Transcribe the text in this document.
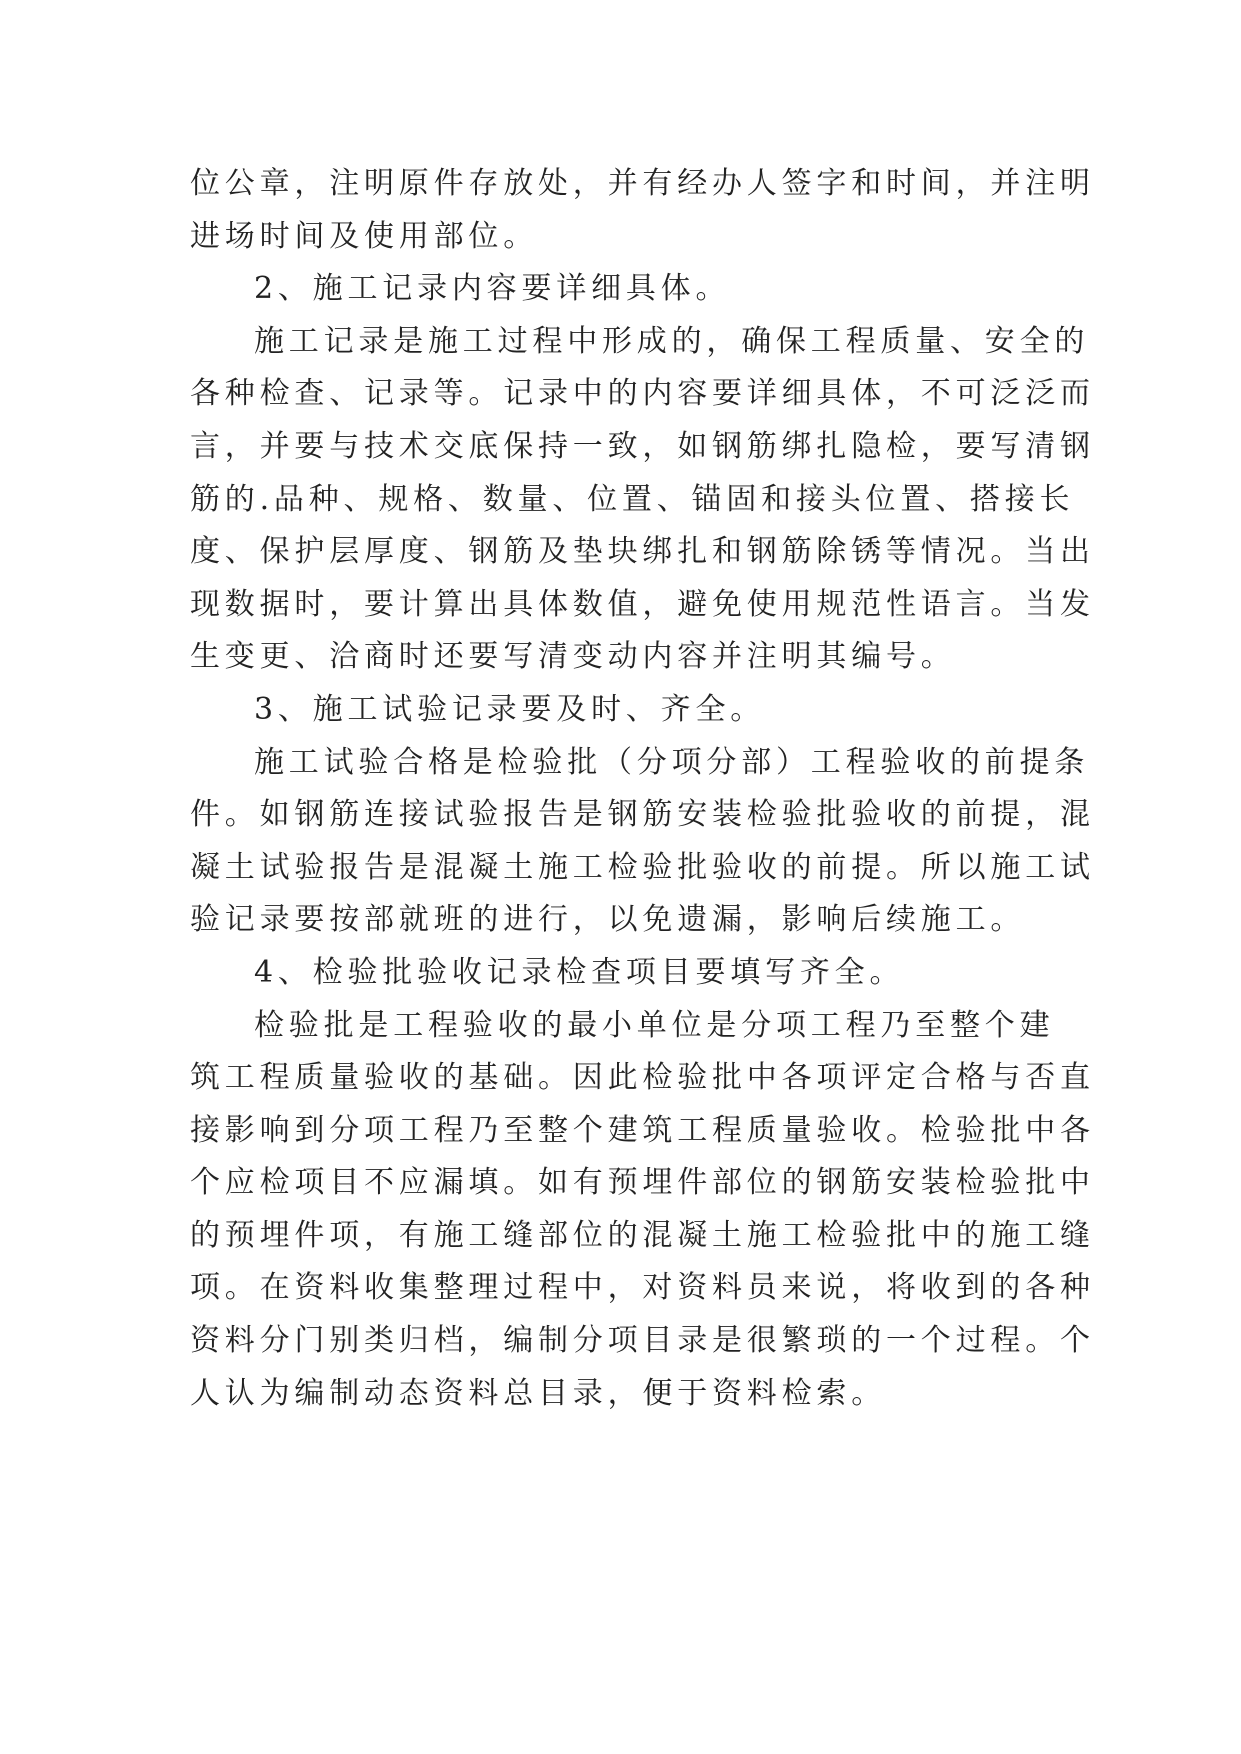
位公章，注明原件存放处，并有经办人签字和时间，并注明
进场时间及使用部位。
2、施工记录内容要详细具体。
施工记录是施工过程中形成的，确保工程质量、安全的
各种检查、记录等。记录中的内容要详细具体，不可泛泛而
言，并要与技术交底保持一致，如钢筋绑扎隐检，要写清钢
筋的.品种、规格、数量、位置、锚固和接头位置、搭接长
度、保护层厚度、钢筋及垫块绑扎和钢筋除锈等情况。当出
现数据时，要计算出具体数值，避免使用规范性语言。当发
生变更、洽商时还要写清变动内容并注明其编号。
3、施工试验记录要及时、齐全。
施工试验合格是检验批（分项分部）工程验收的前提条
件。如钢筋连接试验报告是钢筋安装检验批验收的前提，混
凝土试验报告是混凝土施工检验批验收的前提。所以施工试
验记录要按部就班的进行，以免遗漏，影响后续施工。
4、检验批验收记录检查项目要填写齐全。
检验批是工程验收的最小单位是分项工程乃至整个建
筑工程质量验收的基础。因此检验批中各项评定合格与否直
接影响到分项工程乃至整个建筑工程质量验收。检验批中各
个应检项目不应漏填。如有预埋件部位的钢筋安装检验批中
的预埋件项，有施工缝部位的混凝土施工检验批中的施工缝
项。在资料收集整理过程中，对资料员来说，将收到的各种
资料分门别类归档，编制分项目录是很繁琐的一个过程。个
人认为编制动态资料总目录，便于资料检索。
